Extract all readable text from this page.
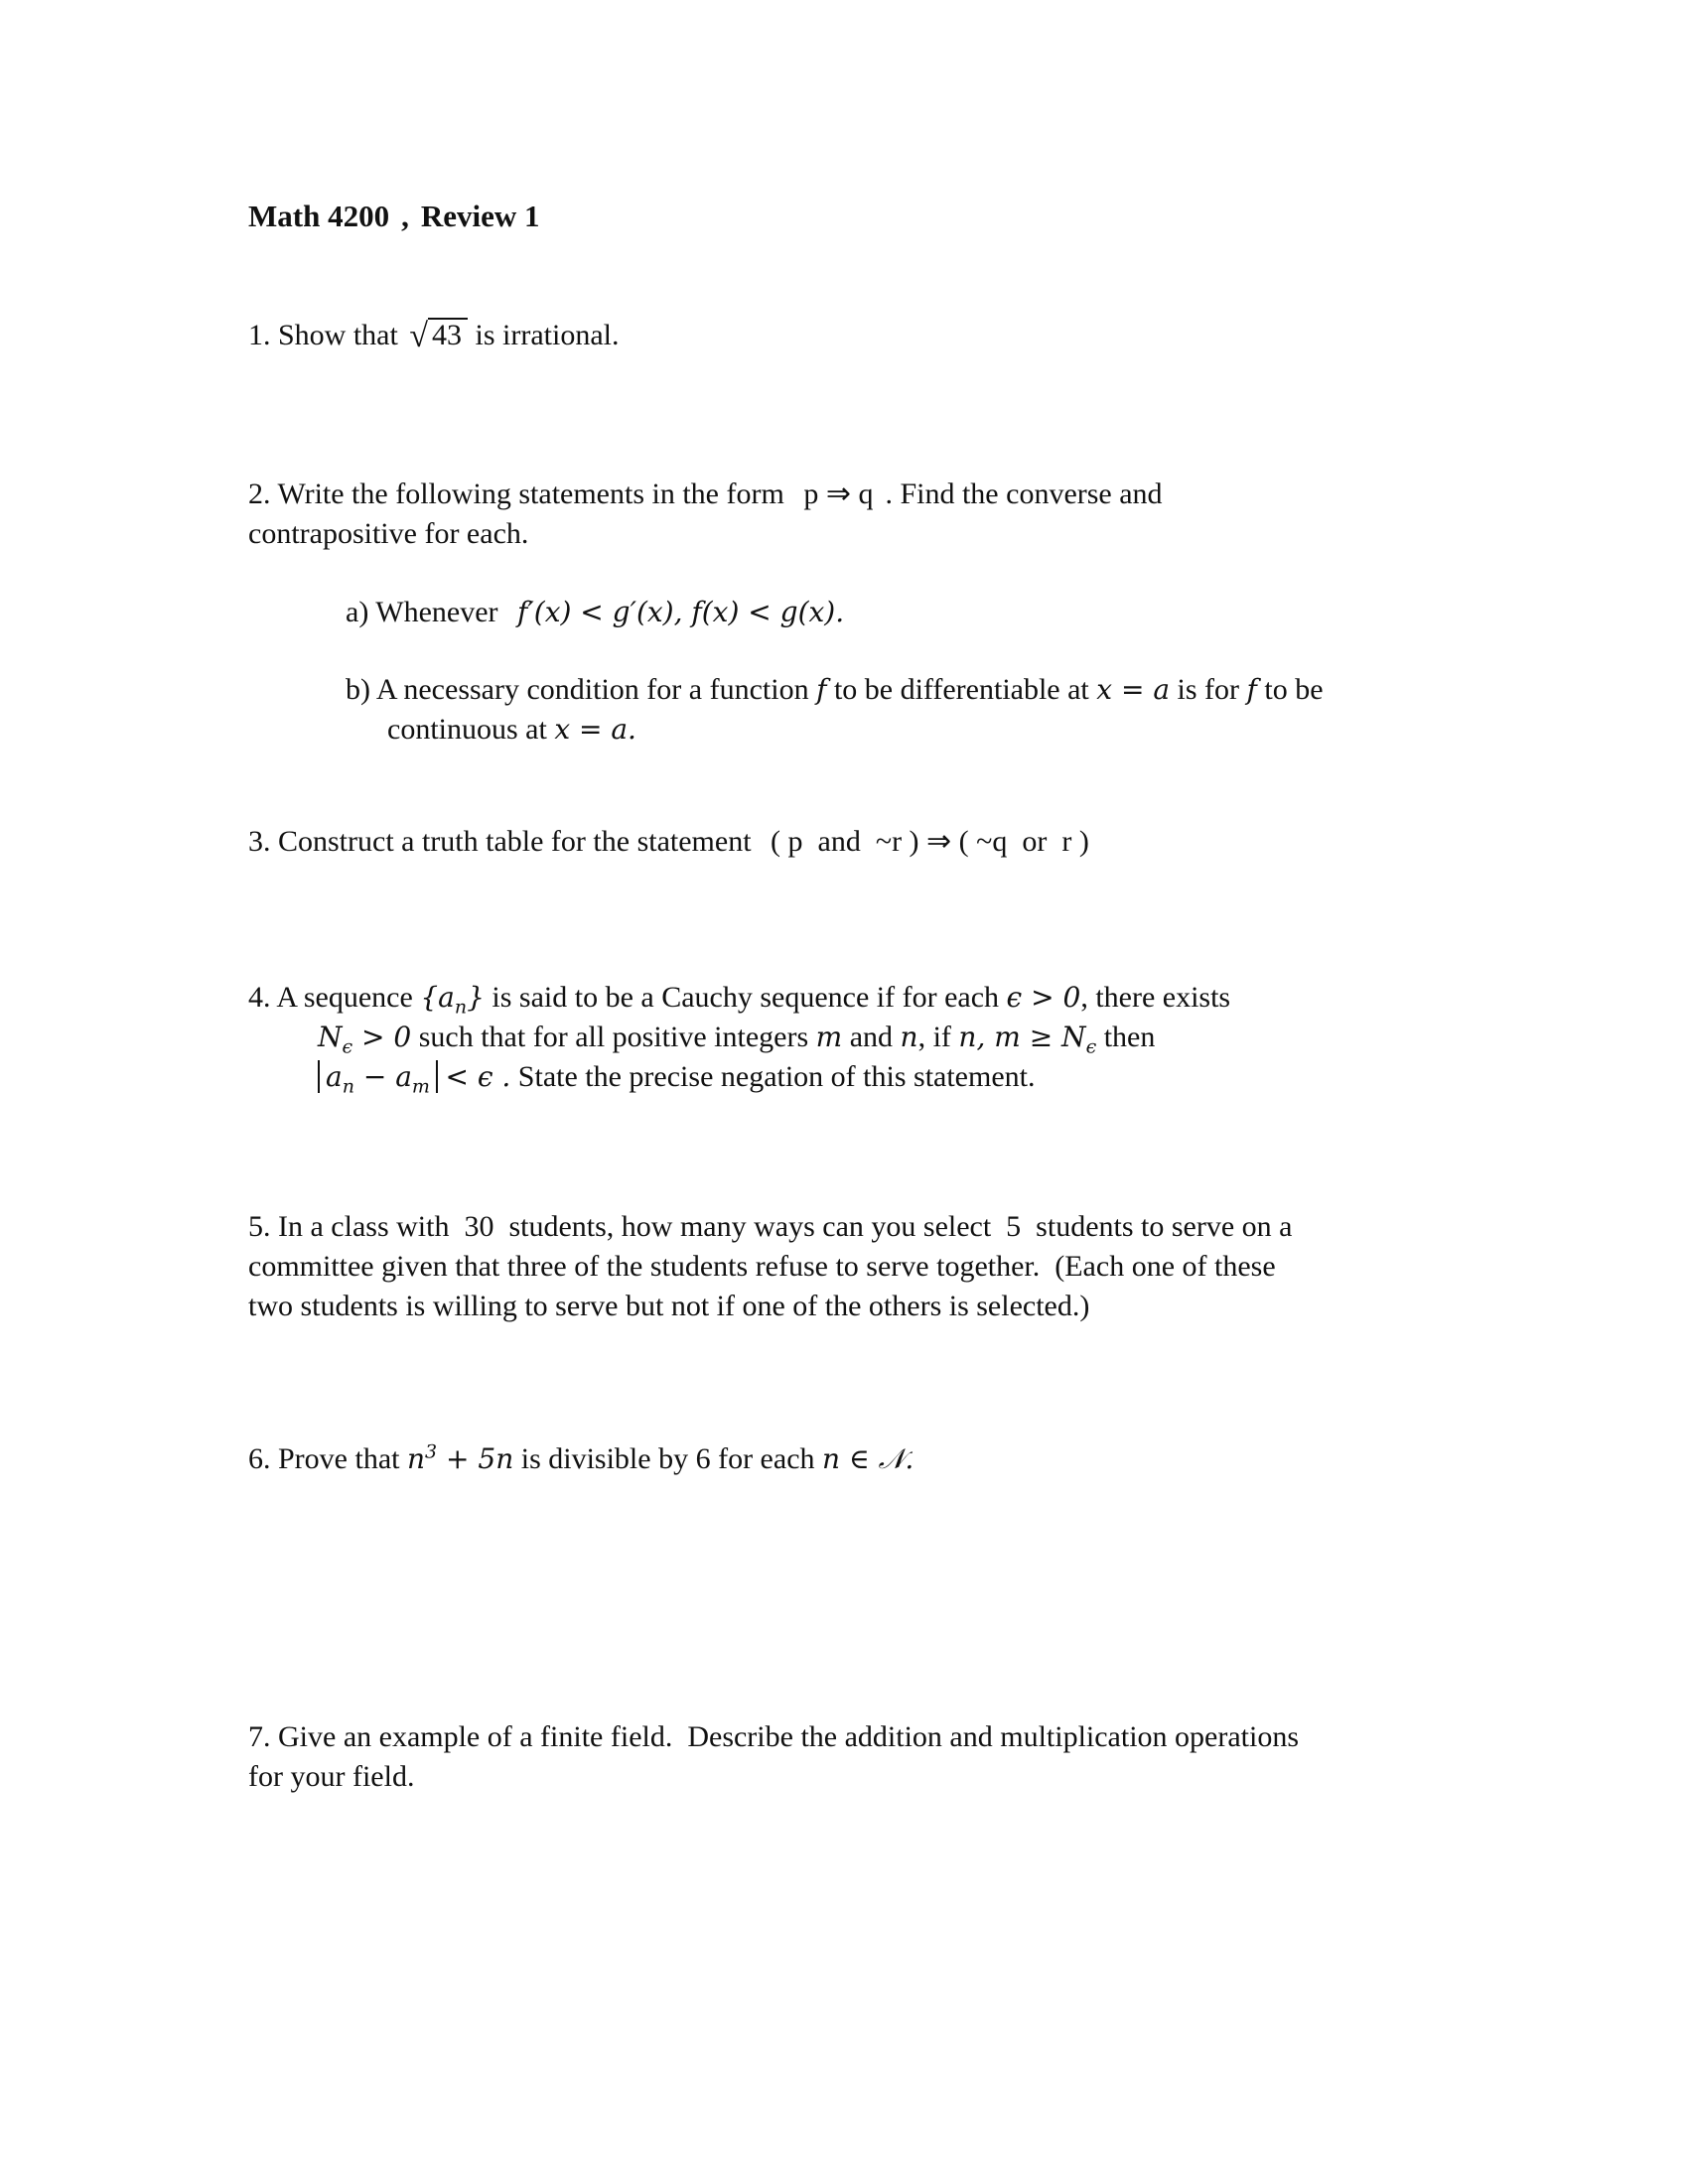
Math 4200 , Review 1
1. Show that √ 43 is irrational.
2. Write the following statements in the form p ⇒ q . Find the converse and
contrapositive for each.
a) Whenever f′(x) < g′(x), f(x) < g(x).
b) A necessary condition for a function f to be differentiable at x = a is for f to be continuous at x = a.
3. Construct a truth table for the statement ( p  and  ~r ) ⇒ ( ~q  or  r )
4. A sequence $\{a_n\}$ is said to be a Cauchy sequence if for each ϵ > 0, there exists
$N_\epsilon > 0$ such that for all positive integers m and n, if n, $m \ge N_\epsilon$ then
$a_n - a_m < \epsilon$ . State the precise negation of this statement.
5. In a class with  30  students, how many ways can you select  5  students to serve on a
committee given that three of the students refuse to serve together.  (Each one of these
two students is willing to serve but not if one of the others is selected.)
6. Prove that $n^3 + 5n$ is divisible by 6 for each n ∈ 𝒩.
7. Give an example of a finite field.  Describe the addition and multiplication operations
for your field.
